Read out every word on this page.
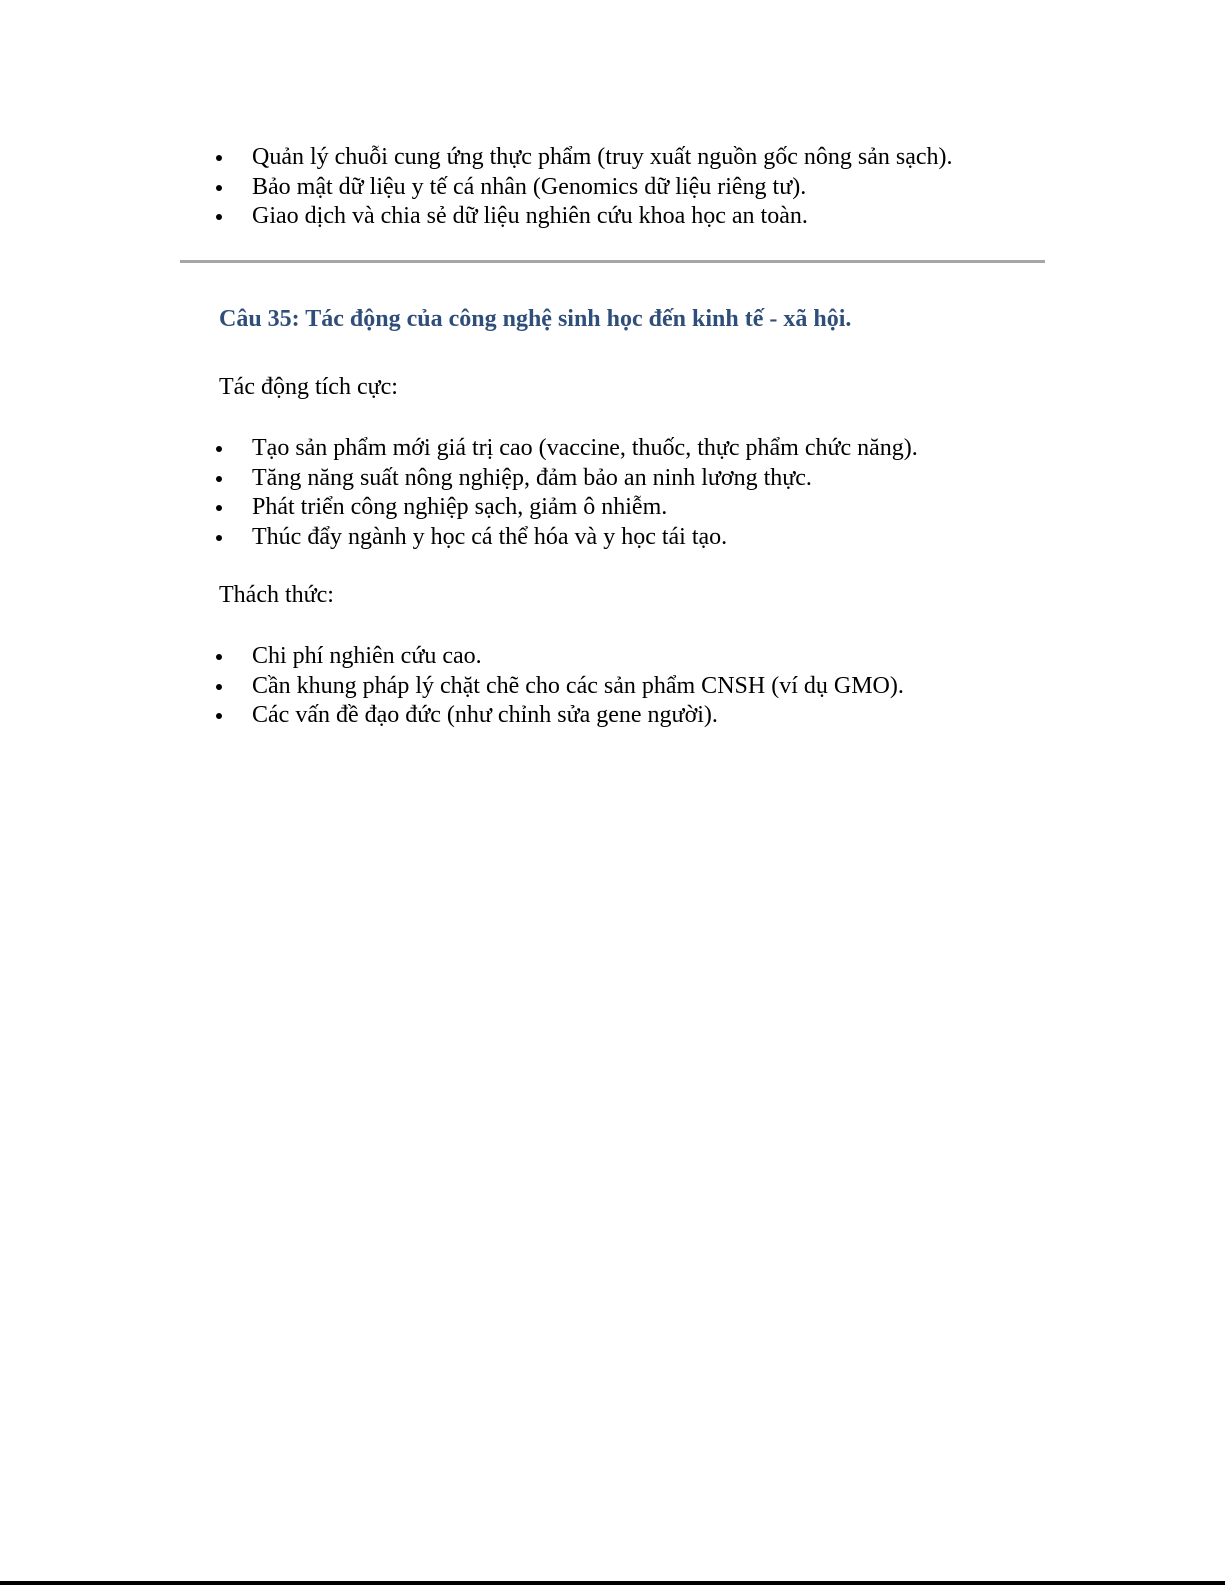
Quản lý chuỗi cung ứng thực phẩm (truy xuất nguồn gốc nông sản sạch).
Bảo mật dữ liệu y tế cá nhân (Genomics dữ liệu riêng tư).
Giao dịch và chia sẻ dữ liệu nghiên cứu khoa học an toàn.
Câu 35: Tác động của công nghệ sinh học đến kinh tế - xã hội.

Tác động tích cực:

Tạo sản phẩm mới giá trị cao (vaccine, thuốc, thực phẩm chức năng).
Tăng năng suất nông nghiệp, đảm bảo an ninh lương thực.
Phát triển công nghiệp sạch, giảm ô nhiễm.
Thúc đẩy ngành y học cá thể hóa và y học tái tạo.

Thách thức:

Chi phí nghiên cứu cao.
Cần khung pháp lý chặt chẽ cho các sản phẩm CNSH (ví dụ GMO).
Các vấn đề đạo đức (như chỉnh sửa gene người).
